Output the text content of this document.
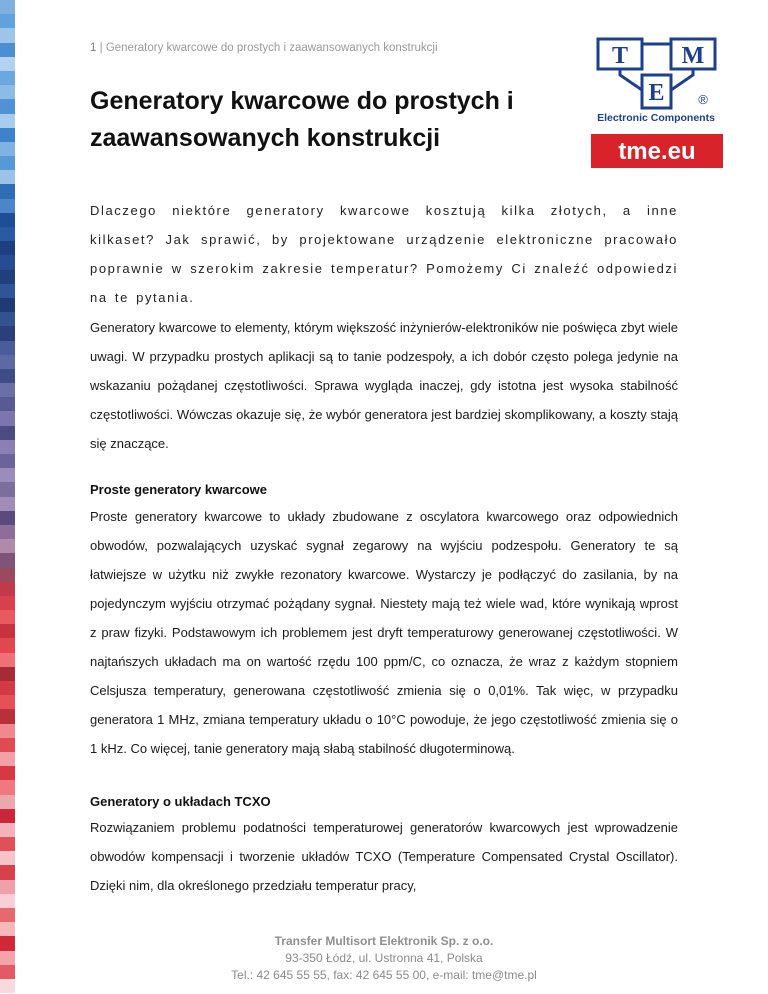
1 | Generatory kwarcowe do prostych i zaawansowanych konstrukcji
Generatory kwarcowe do prostych i zaawansowanych konstrukcji
T M
E	®
Electronic Components
tme.eu
Dlaczego niektóre generatory kwarcowe kosztują kilka złotych, a inne kilkaset? Jak sprawić, by projektowane urządzenie elektroniczne pracowało poprawnie w szerokim zakresie temperatur? Pomożemy Ci znaleźć odpowiedzi na te pytania.
Generatory kwarcowe to elementy, którym większość inżynierów-elektroników nie poświęca zbyt wiele uwagi. W przypadku prostych aplikacji są to tanie podzespoły, a ich dobór często polega jedynie na wskazaniu pożądanej częstotliwości. Sprawa wygląda inaczej, gdy istotna jest wysoka stabilność częstotliwości. Wówczas okazuje się, że wybór generatora jest bardziej skomplikowany, a koszty stają się znaczące.
Proste generatory kwarcowe
Proste generatory kwarcowe to układy zbudowane z oscylatora kwarcowego oraz odpowiednich obwodów, pozwalających uzyskać sygnał zegarowy na wyjściu podzespołu. Generatory te są łatwiejsze w użytku niż zwykłe rezonatory kwarcowe. Wystarczy je podłączyć do zasilania, by na pojedynczym wyjściu otrzymać pożądany sygnał. Niestety mają też wiele wad, które wynikają wprost z praw fizyki. Podstawowym ich problemem jest dryft temperaturowy generowanej częstotliwości. W najtańszych układach ma on wartość rzędu 100 ppm/C, co oznacza, że wraz z każdym stopniem Celsjusza temperatury, generowana częstotliwość zmienia się o 0,01%. Tak więc, w przypadku generatora 1 MHz, zmiana temperatury układu o 10°C powoduje, że jego częstotliwość zmienia się o 1 kHz. Co więcej, tanie generatory mają słabą stabilność długoterminową.
Generatory o układach TCXO
Rozwiązaniem problemu podatności temperaturowej generatorów kwarcowych jest wprowadzenie obwodów kompensacji i tworzenie układów TCXO (Temperature Compensated Crystal Oscillator). Dzięki nim, dla określonego przedziału temperatur pracy,
Transfer Multisort Elektronik Sp. z o.o.
93-350 Łódź, ul. Ustronna 41, Polska
Tel.: 42 645 55 55, fax: 42 645 55 00, e-mail: tme@tme.pl
